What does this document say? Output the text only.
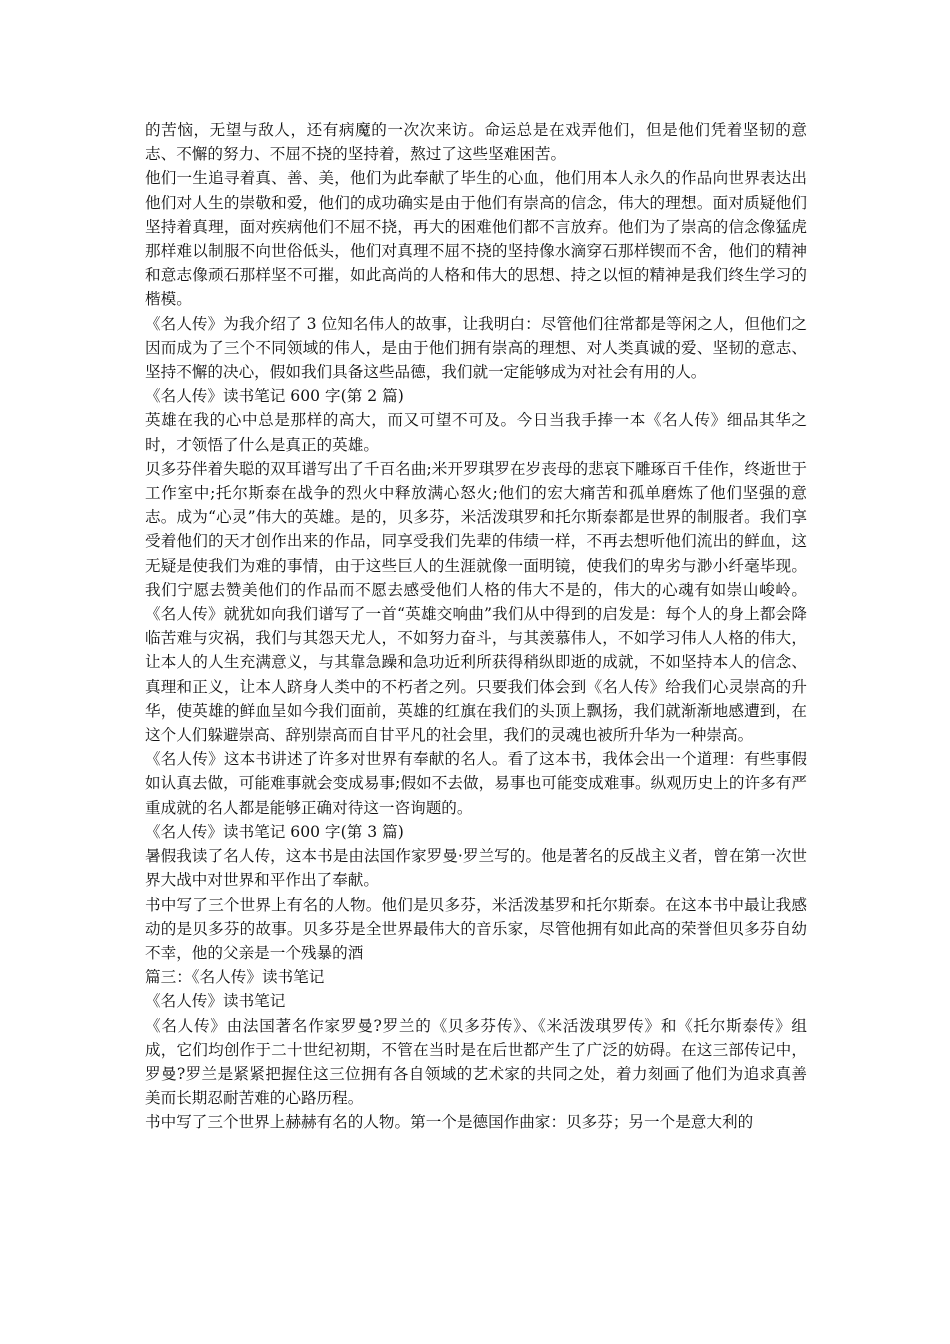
的苦恼，无望与敌人，还有病魔的一次次来访。命运总是在戏弄他们，但是他们凭着坚韧的意志、不懈的努力、不屈不挠的坚持着，熬过了这些坚难困苦。

他们一生追寻着真、善、美，他们为此奉献了毕生的心血，他们用本人永久的作品向世界表达出他们对人生的崇敬和爱，他们的成功确实是由于他们有崇高的信念，伟大的理想。面对质疑他们坚持着真理，面对疾病他们不屈不挠，再大的困难他们都不言放弃。他们为了崇高的信念像猛虎那样难以制服不向世俗低头，他们对真理不屈不挠的坚持像水滴穿石那样锲而不舍，他们的精神和意志像顽石那样坚不可摧，如此高尚的人格和伟大的思想、持之以恒的精神是我们终生学习的楷模。

《名人传》为我介绍了 3 位知名伟人的故事，让我明白：尽管他们往常都是等闲之人，但他们之因而成为了三个不同领域的伟人，是由于他们拥有崇高的理想、对人类真诚的爱、坚韧的意志、坚持不懈的决心，假如我们具备这些品德，我们就一定能够成为对社会有用的人。

《名人传》读书笔记 600 字(第 2 篇)

英雄在我的心中总是那样的高大，而又可望不可及。今日当我手捧一本《名人传》细品其华之时，才领悟了什么是真正的英雄。

贝多芬伴着失聪的双耳谱写出了千百名曲;米开罗琪罗在岁丧母的悲哀下雕琢百千佳作，终逝世于工作室中;托尔斯泰在战争的烈火中释放满心怒火;他们的宏大痛苦和孤单磨炼了他们坚强的意志。成为“心灵”伟大的英雄。是的，贝多芬，米活泼琪罗和托尔斯泰都是世界的制服者。我们享受着他们的天才创作出来的作品，同享受我们先辈的伟绩一样，不再去想听他们流出的鲜血，这无疑是使我们为难的事情，由于这些巨人的生涯就像一面明镜，使我们的卑劣与渺小纤毫毕现。我们宁愿去赞美他们的作品而不愿去感受他们人格的伟大不是的，伟大的心魂有如崇山峻岭。《名人传》就犹如向我们谱写了一首“英雄交响曲”我们从中得到的启发是：每个人的身上都会降临苦难与灾祸，我们与其怨天尤人，不如努力奋斗，与其羡慕伟人，不如学习伟人人格的伟大，让本人的人生充满意义，与其靠急躁和急功近利所获得稍纵即逝的成就，不如坚持本人的信念、真理和正义，让本人跻身人类中的不朽者之列。只要我们体会到《名人传》给我们心灵崇高的升华，使英雄的鲜血呈如今我们面前，英雄的红旗在我们的头顶上飘扬，我们就渐渐地感遭到，在这个人们躲避崇高、辞别崇高而自甘平凡的社会里，我们的灵魂也被所升华为一种崇高。

《名人传》这本书讲述了许多对世界有奉献的名人。看了这本书，我体会出一个道理：有些事假如认真去做，可能难事就会变成易事;假如不去做，易事也可能变成难事。纵观历史上的许多有严重成就的名人都是能够正确对待这一咨询题的。

《名人传》读书笔记 600 字(第 3 篇)

暑假我读了名人传，这本书是由法国作家罗曼·罗兰写的。他是著名的反战主义者，曾在第一次世界大战中对世界和平作出了奉献。

书中写了三个世界上有名的人物。他们是贝多芬，米活泼基罗和托尔斯泰。在这本书中最让我感动的是贝多芬的故事。贝多芬是全世界最伟大的音乐家，尽管他拥有如此高的荣誉但贝多芬自幼不幸，他的父亲是一个残暴的酒

篇三：《名人传》读书笔记

《名人传》读书笔记

《名人传》由法国著名作家罗曼?罗兰的《贝多芬传》、《米活泼琪罗传》和《托尔斯泰传》组成，它们均创作于二十世纪初期，不管在当时是在后世都产生了广泛的妨碍。在这三部传记中，罗曼?罗兰是紧紧把握住这三位拥有各自领域的艺术家的共同之处，着力刻画了他们为追求真善美而长期忍耐苦难的心路历程。

书中写了三个世界上赫赫有名的人物。第一个是德国作曲家：贝多芬；另一个是意大利的
